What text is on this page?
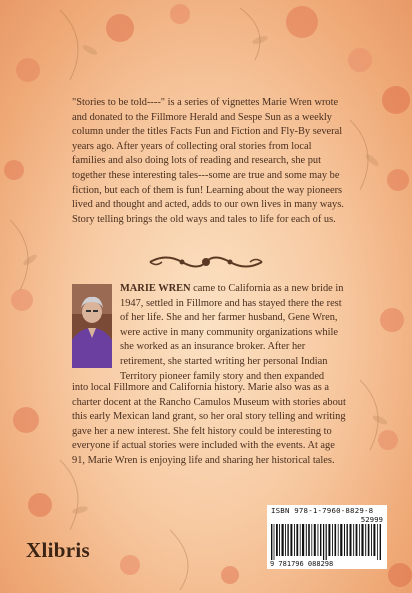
"Stories to be told----" is a series of vignettes Marie Wren wrote and donated to the Fillmore Herald and Sespe Sun as a weekly column under the titles Facts Fun and Fiction and Fly-By several years ago. After years of collecting oral stories from local families and also doing lots of reading and research, she put together these interesting tales---some are true and some may be fiction, but each of them is fun! Learning about the way pioneers lived and thought and acted, adds to our own lives in many ways. Story telling brings the old ways and tales to life for each of us.
MARIE WREN came to California as a new bride in 1947, settled in Fillmore and has stayed there the rest of her life. She and her farmer husband, Gene Wren, were active in many community organizations while she worked as an insurance broker. After her retirement, she started writing her personal Indian Territory pioneer family story and then expanded
into local Fillmore and California history. Marie also was as a charter docent at the Rancho Camulos Museum with stories about this early Mexican land grant, so her oral story telling and writing gave her a new interest. She felt history could be interesting to everyone if actual stories were included with the events. At age 91, Marie Wren is enjoying life and sharing her historical tales.
ISBN 978-1-7960-8829-8
52999
9 781796 088298
Xlibris
